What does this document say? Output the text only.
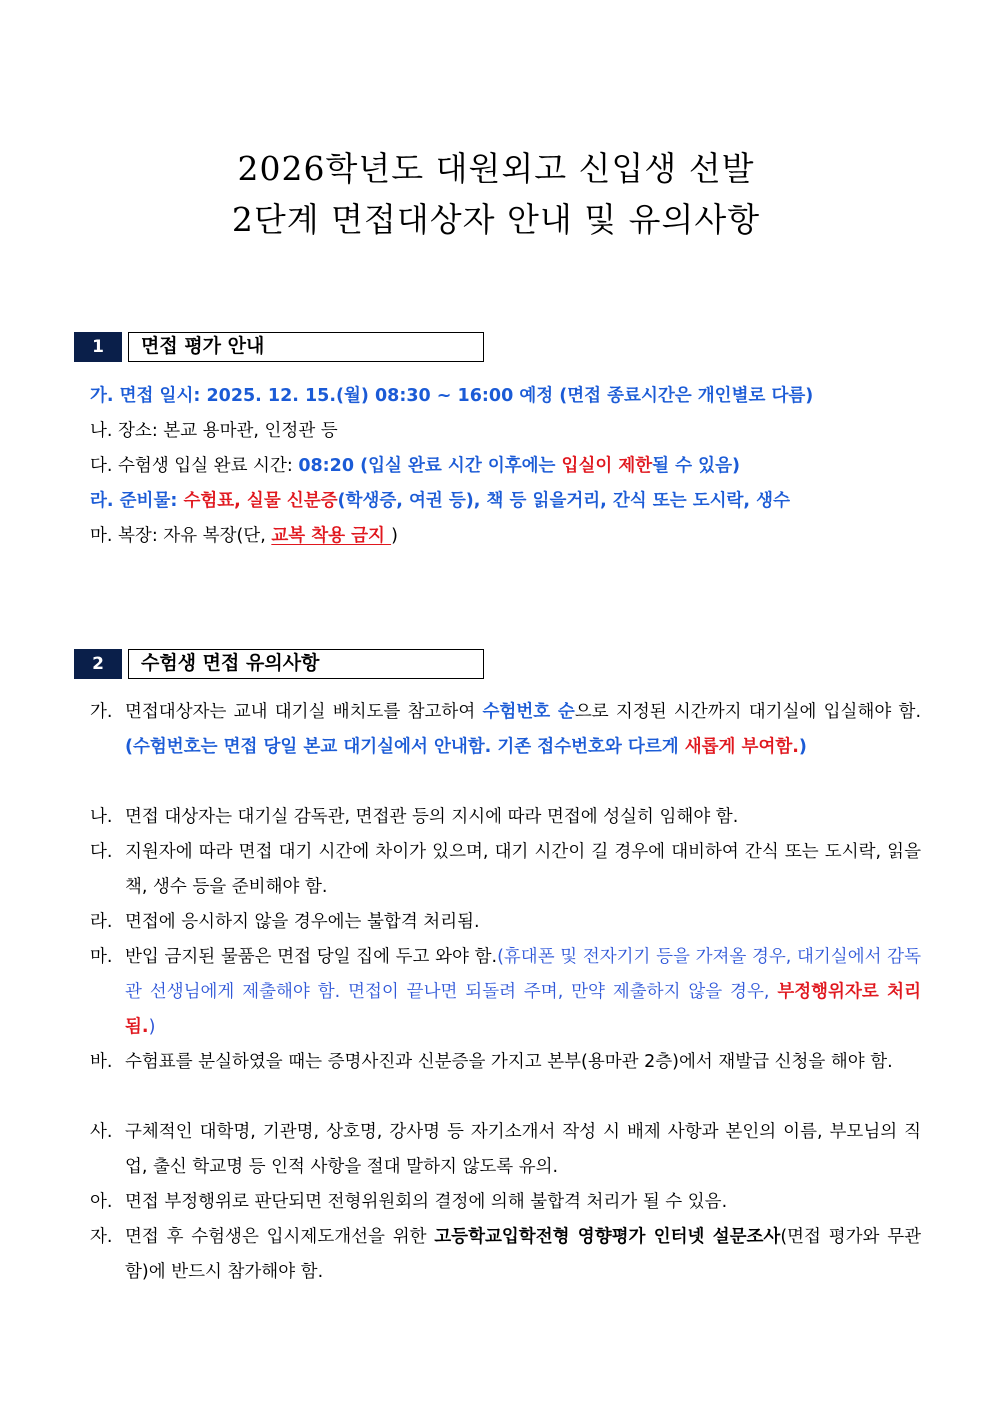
2026학년도 대원외고 신입생 선발
2단계 면접대상자 안내 및 유의사항
1	면접 평가 안내
가. 면접 일시: 2025. 12. 15.(월) 08:30 ~ 16:00 예정 (면접 종료시간은 개인별로 다름)
나. 장소: 본교 용마관, 인정관 등
다. 수험생 입실 완료 시간: 08:20 (입실 완료 시간 이후에는 입실이 제한될 수 있음)
라. 준비물: 수험표, 실물 신분증(학생증, 여권 등), 책 등 읽을거리, 간식 또는 도시락, 생수
마. 복장: 자유 복장(단, 교복 착용 금지 )
2	수험생 면접 유의사항
가. 면접대상자는 교내 대기실 배치도를 참고하여 수험번호 순으로 지정된 시간까지 대기실에 입실해야 함.(수험번호는 면접 당일 본교 대기실에서 안내함. 기존 접수번호와 다르게 새롭게 부여함.)
나. 면접 대상자는 대기실 감독관, 면접관 등의 지시에 따라 면접에 성실히 임해야 함.
다. 지원자에 따라 면접 대기 시간에 차이가 있으며, 대기 시간이 길 경우에 대비하여 간식 또는 도시락, 읽을 책, 생수 등을 준비해야 함.
라. 면접에 응시하지 않을 경우에는 불합격 처리됨.
마. 반입 금지된 물품은 면접 당일 집에 두고 와야 함.(휴대폰 및 전자기기 등을 가져올 경우, 대기실에서 감독관 선생님에게 제출해야 함. 면접이 끝나면 되돌려 주며, 만약 제출하지 않을 경우, 부정행위자로 처리됨.)
바. 수험표를 분실하였을 때는 증명사진과 신분증을 가지고 본부(용마관 2층)에서 재발급 신청을 해야 함.
사. 구체적인 대학명, 기관명, 상호명, 강사명 등 자기소개서 작성 시 배제 사항과 본인의 이름, 부모님의 직업, 출신 학교명 등 인적 사항을 절대 말하지 않도록 유의.
아. 면접 부정행위로 판단되면 전형위원회의 결정에 의해 불합격 처리가 될 수 있음.
자. 면접 후 수험생은 입시제도개선을 위한 고등학교입학전형 영향평가 인터넷 설문조사(면접 평가와 무관함)에 반드시 참가해야 함.
